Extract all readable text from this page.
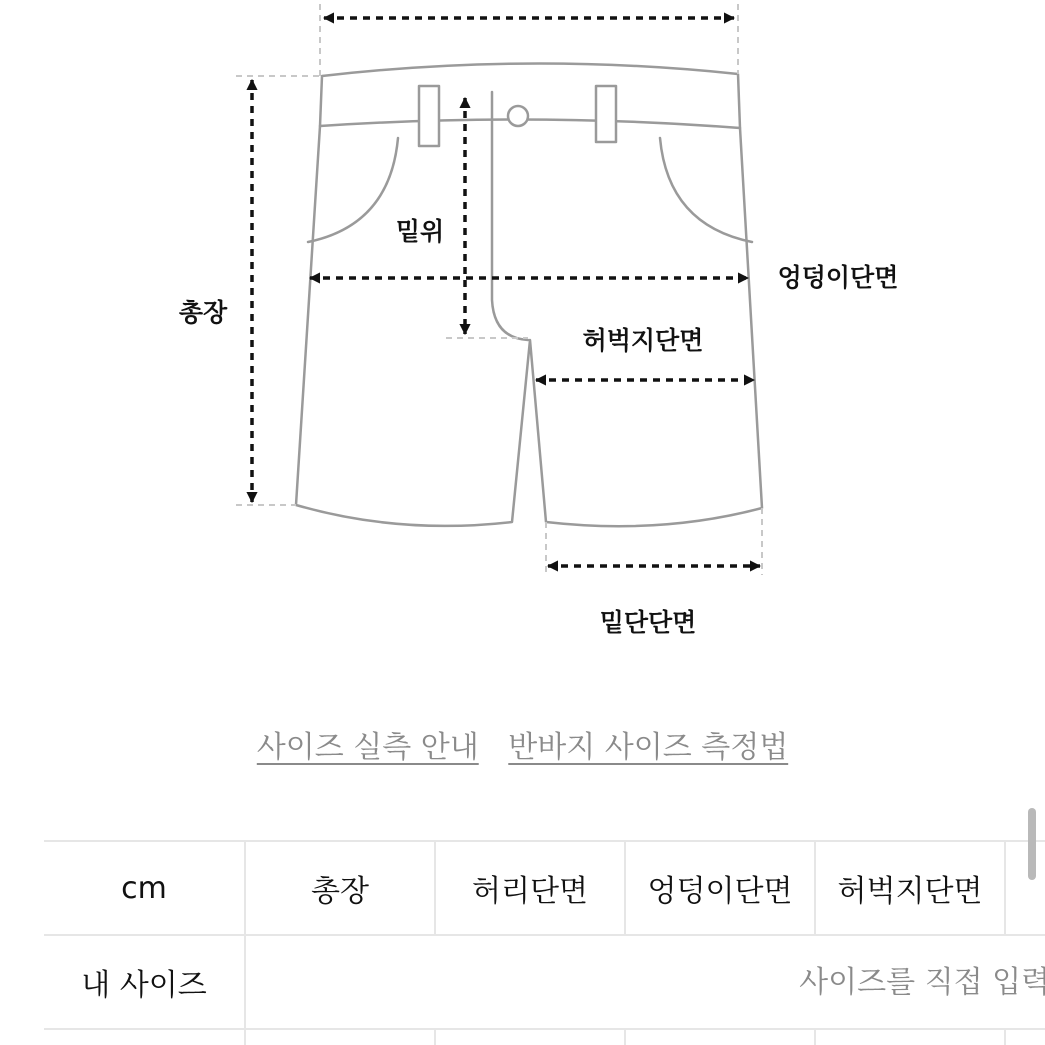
밑위
총장
엉덩이단면
허벅지단면
밑단단면
사이즈 실측 안내 반바지 사이즈 측정법
cm	총장	허리단면	엉덩이단면	허벅지단면	
내 사이즈	사이즈를 직접 입력해주세요
